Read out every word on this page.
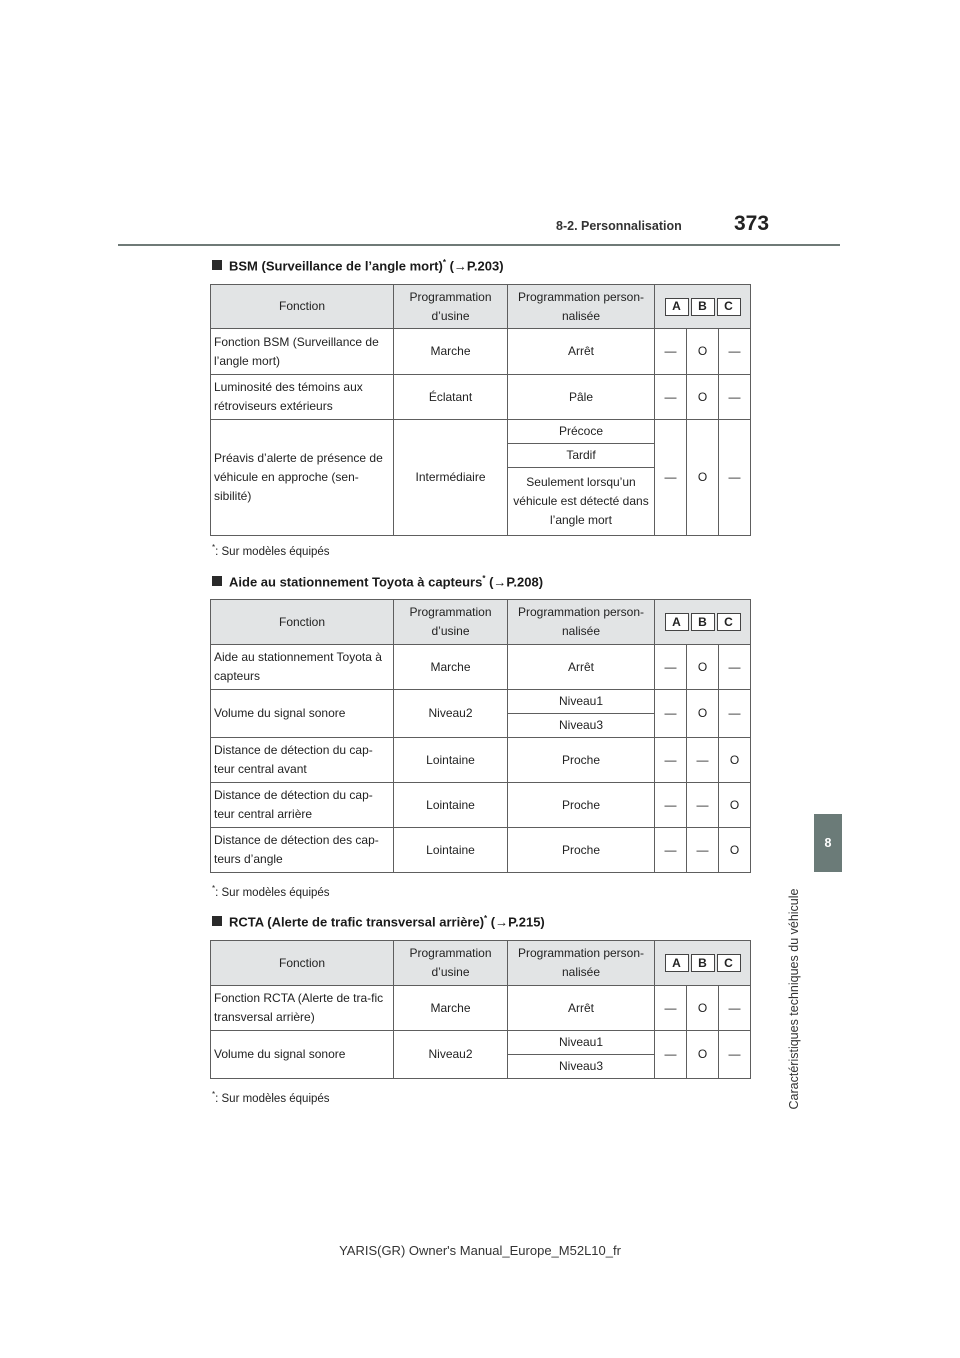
8-2. Personnalisation 373
8
Caractéristiques techniques du véhicule
BSM (Surveillance de l’angle mort)* (→P.203)
Fonction	Programmation d’usine	Programmation person-nalisée	A B C		

Fonction BSM (Surveillance de l’angle mort)	Marche	Arrêt	—	O	—
Luminosité des témoins aux rétroviseurs extérieurs	Éclatant	Pâle	—	O	—
Préavis d’alerte de présence de véhicule en approche (sen-sibilité)	Intermédiaire	Précoce	—	O	—
		Tardif			
		Seulement lorsqu’un véhicule est détecté dans l’angle mort			
*: Sur modèles équipés
Aide au stationnement Toyota à capteurs* (→P.208)
Fonction	Programmation d’usine	Programmation person-nalisée	A B C		

Aide au stationnement Toyota à capteurs	Marche	Arrêt	—	O	—
Volume du signal sonore	Niveau2	Niveau1	—	O	—
		Niveau3			
Distance de détection du cap-teur central avant	Lointaine	Proche	—	—	O
Distance de détection du cap-teur central arrière	Lointaine	Proche	—	—	O
Distance de détection des cap-teurs d’angle	Lointaine	Proche	—	—	O
*: Sur modèles équipés
RCTA (Alerte de trafic transversal arrière)* (→P.215)
Fonction	Programmation d’usine	Programmation person-nalisée	A B C		

Fonction RCTA (Alerte de tra-fic transversal arrière)	Marche	Arrêt	—	O	—
Volume du signal sonore	Niveau2	Niveau1	—	O	—
		Niveau3			
*: Sur modèles équipés
YARIS(GR) Owner's Manual_Europe_M52L10_fr
